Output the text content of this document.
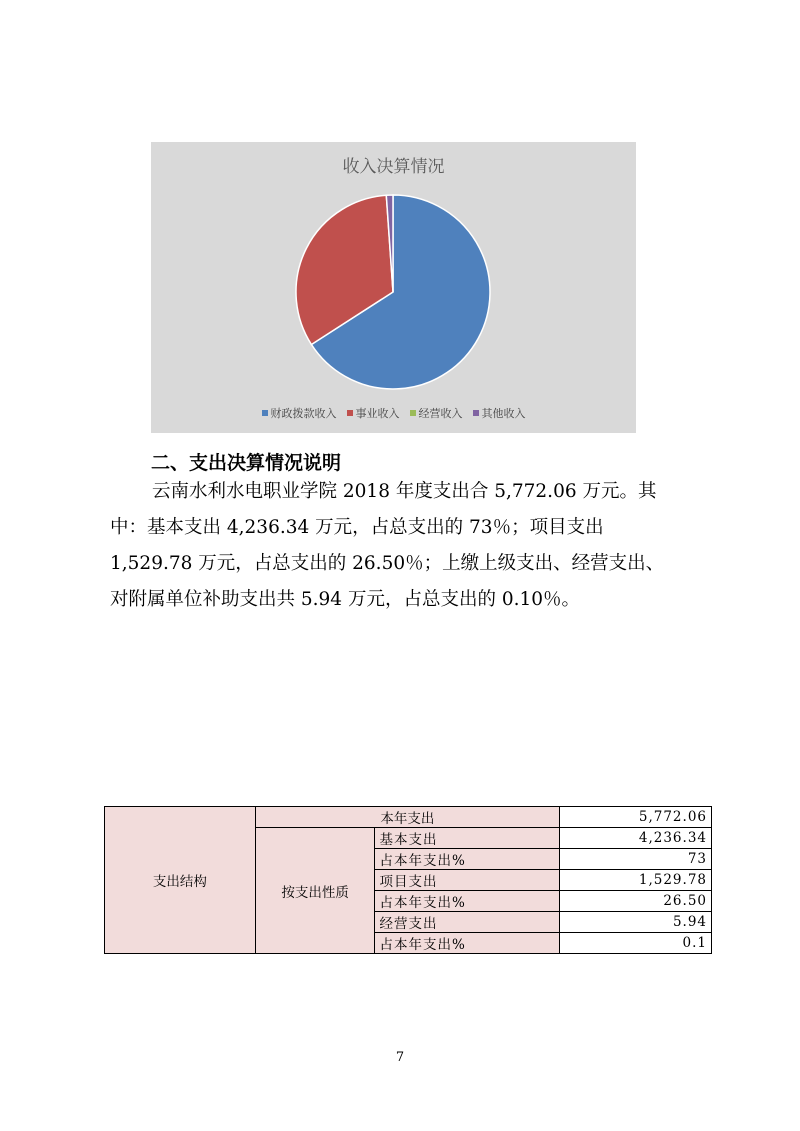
收入决算情况
财政拨款收入 事业收入 经营收入 其他收入
二、支出决算情况说明
云南水利水电职业学院 2018 年度支出合 5,772.06 万元。其
中：基本支出 4,236.34 万元，占总支出的 73％；项目支出
1,529.78 万元，占总支出的 26.50％；上缴上级支出、经营支出、
对附属单位补助支出共 5.94 万元，占总支出的 0.10％。
支出结构	本年支出		5,772.06
	按支出性质	基本支出	4,236.34
		占本年支出%	73
		项目支出	1,529.78
		占本年支出%	26.50
		经营支出	5.94
		占本年支出%	0.1
7
